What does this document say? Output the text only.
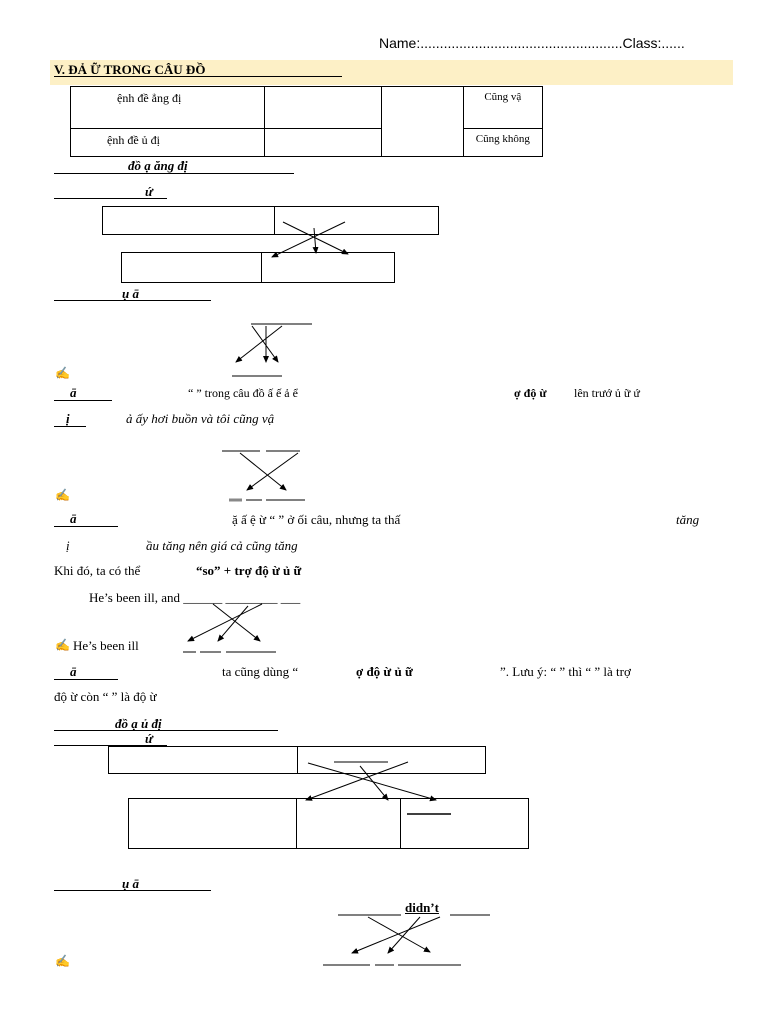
Name:....................................................Class:......
V. ĐẢ Ữ TRONG CÂU ĐỒ
ệnh đề ẳng đị			Cũng vậ
ệnh đề ủ đị			Cũng không
đồ ạ ăng đị
ứ
ụ ā
✍
ā	“ ” trong câu đồ ấ ế ả ể	ợ độ ừ lên trướ ủ ữ ứ
ị	ả ấy hơi buồn và tôi cũng vậ
✍
ā	ặ ấ ệ ừ “ ” ở ối câu, nhưng ta thấ	tăng
ị	ầu tăng nên giá cả cũng tăng
Khi đó, ta có thể	“so” + trợ độ ừ ủ ữ
He’s been ill, and ______ ________ ___
✍ He’s been ill
ā	ta cũng dùng “	ợ độ ừ ủ ữ	”. Lưu ý: “ ” thì “ ” là trợ
độ ừ còn “ ” là độ ừ
đồ ạ ủ đị
ứ
ụ ā
didn’t
✍
